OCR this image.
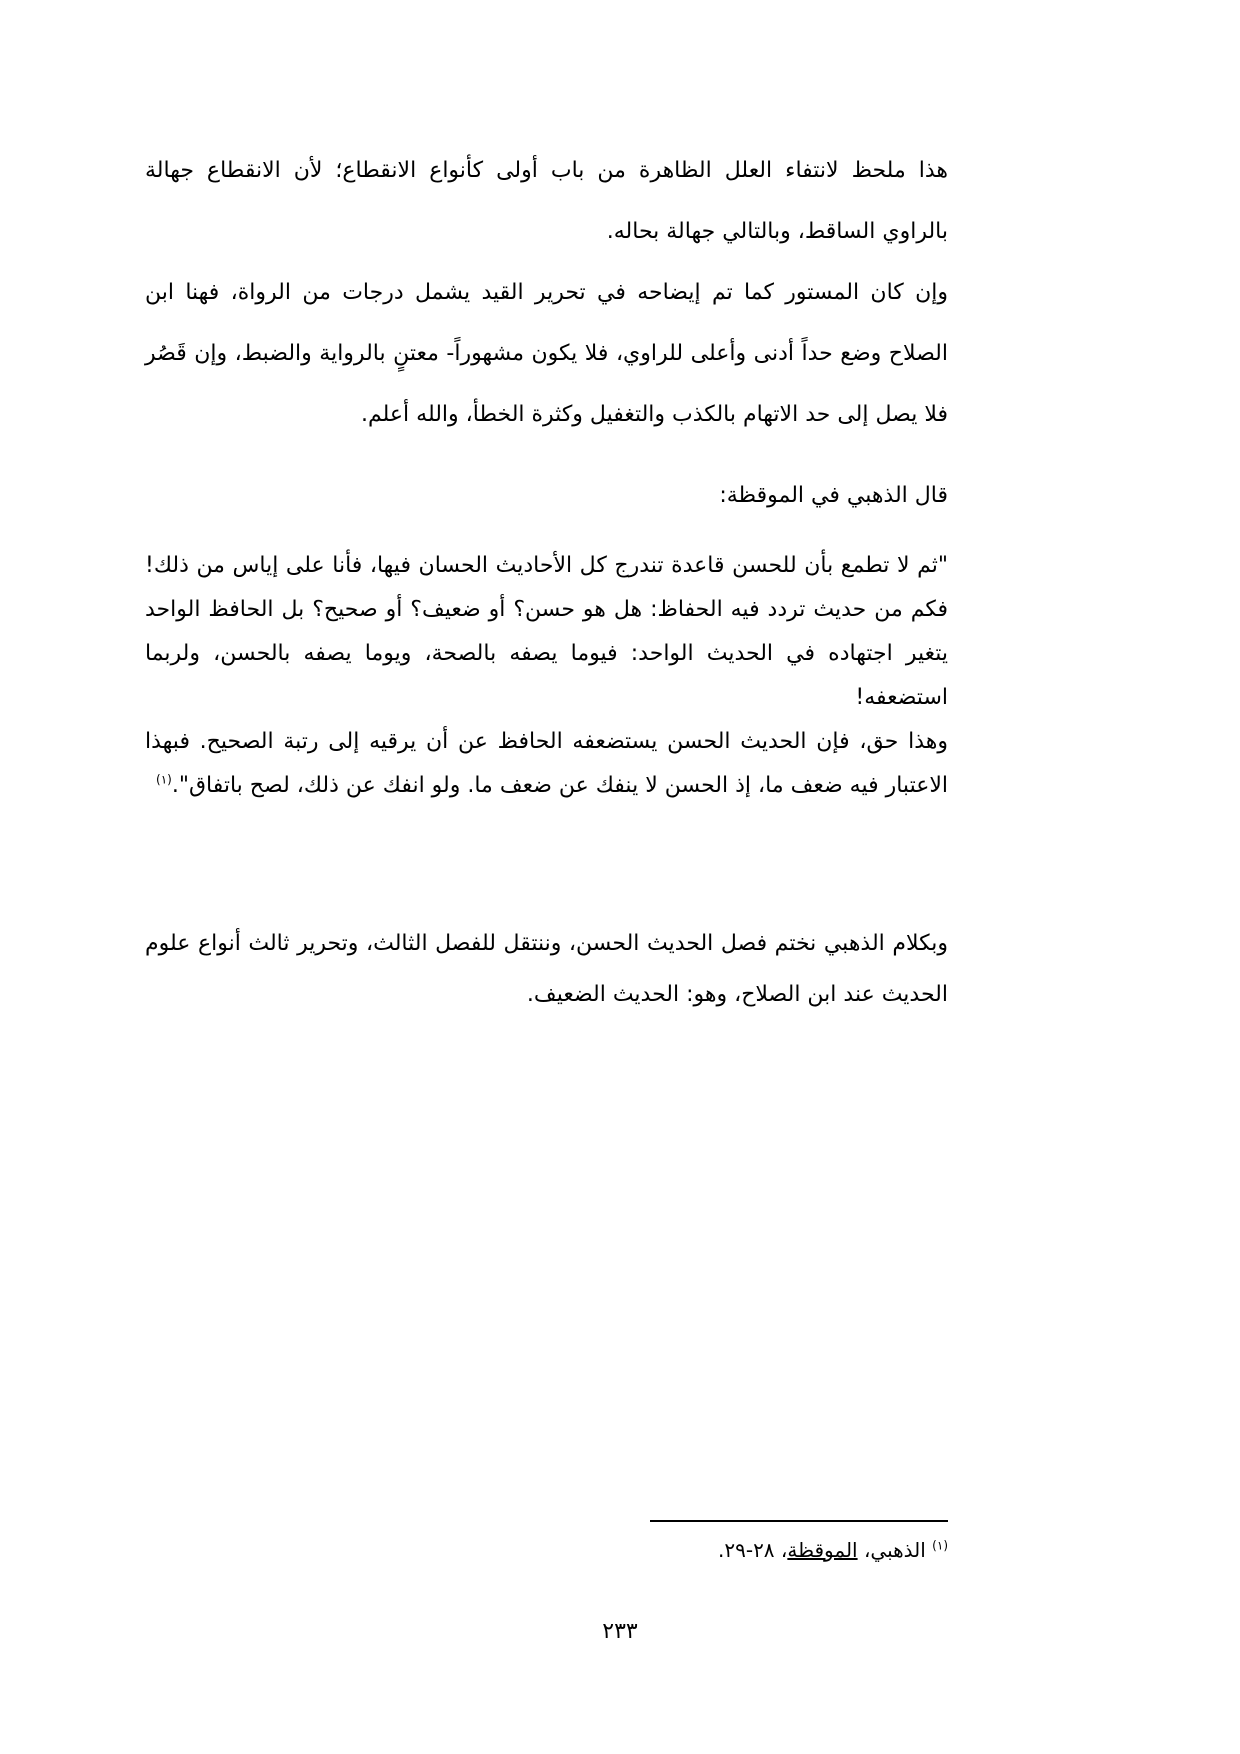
هذا ملحظ لانتفاء العلل الظاهرة من باب أولى كأنواع الانقطاع؛ لأن الانقطاع جهالة بالراوي الساقط، وبالتالي جهالة بحاله.

وإن كان المستور كما تم إيضاحه في تحرير القيد يشمل درجات من الرواة، فهنا ابن الصلاح وضع حداً أدنى وأعلى للراوي، فلا يكون مشهوراً- معتنٍ بالرواية والضبط، وإن قَصُر فلا يصل إلى حد الاتهام بالكذب والتغفيل وكثرة الخطأ، والله أعلم.

قال الذهبي في الموقظة:

"ثم لا تطمع بأن للحسن قاعدة تندرج كل الأحاديث الحسان فيها، فأنا على إياس من ذلك! فكم من حديث تردد فيه الحفاظ: هل هو حسن؟ أو ضعيف؟ أو صحيح؟ بل الحافظ الواحد يتغير اجتهاده في الحديث الواحد: فيوما يصفه بالصحة، ويوما يصفه بالحسن، ولربما استضعفه!

وهذا حق، فإن الحديث الحسن يستضعفه الحافظ عن أن يرقيه إلى رتبة الصحيح. فبهذا الاعتبار فيه ضعف ما، إذ الحسن لا ينفك عن ضعف ما. ولو انفك عن ذلك، لصح باتفاق".$^{(١)}$

وبكلام الذهبي نختم فصل الحديث الحسن، وننتقل للفصل الثالث، وتحرير ثالث أنواع علوم الحديث عند ابن الصلاح، وهو: الحديث الضعيف.

$^{(١)}$ الذهبي، الموقظة، ٢٨-٢٩.

٢٣٣
